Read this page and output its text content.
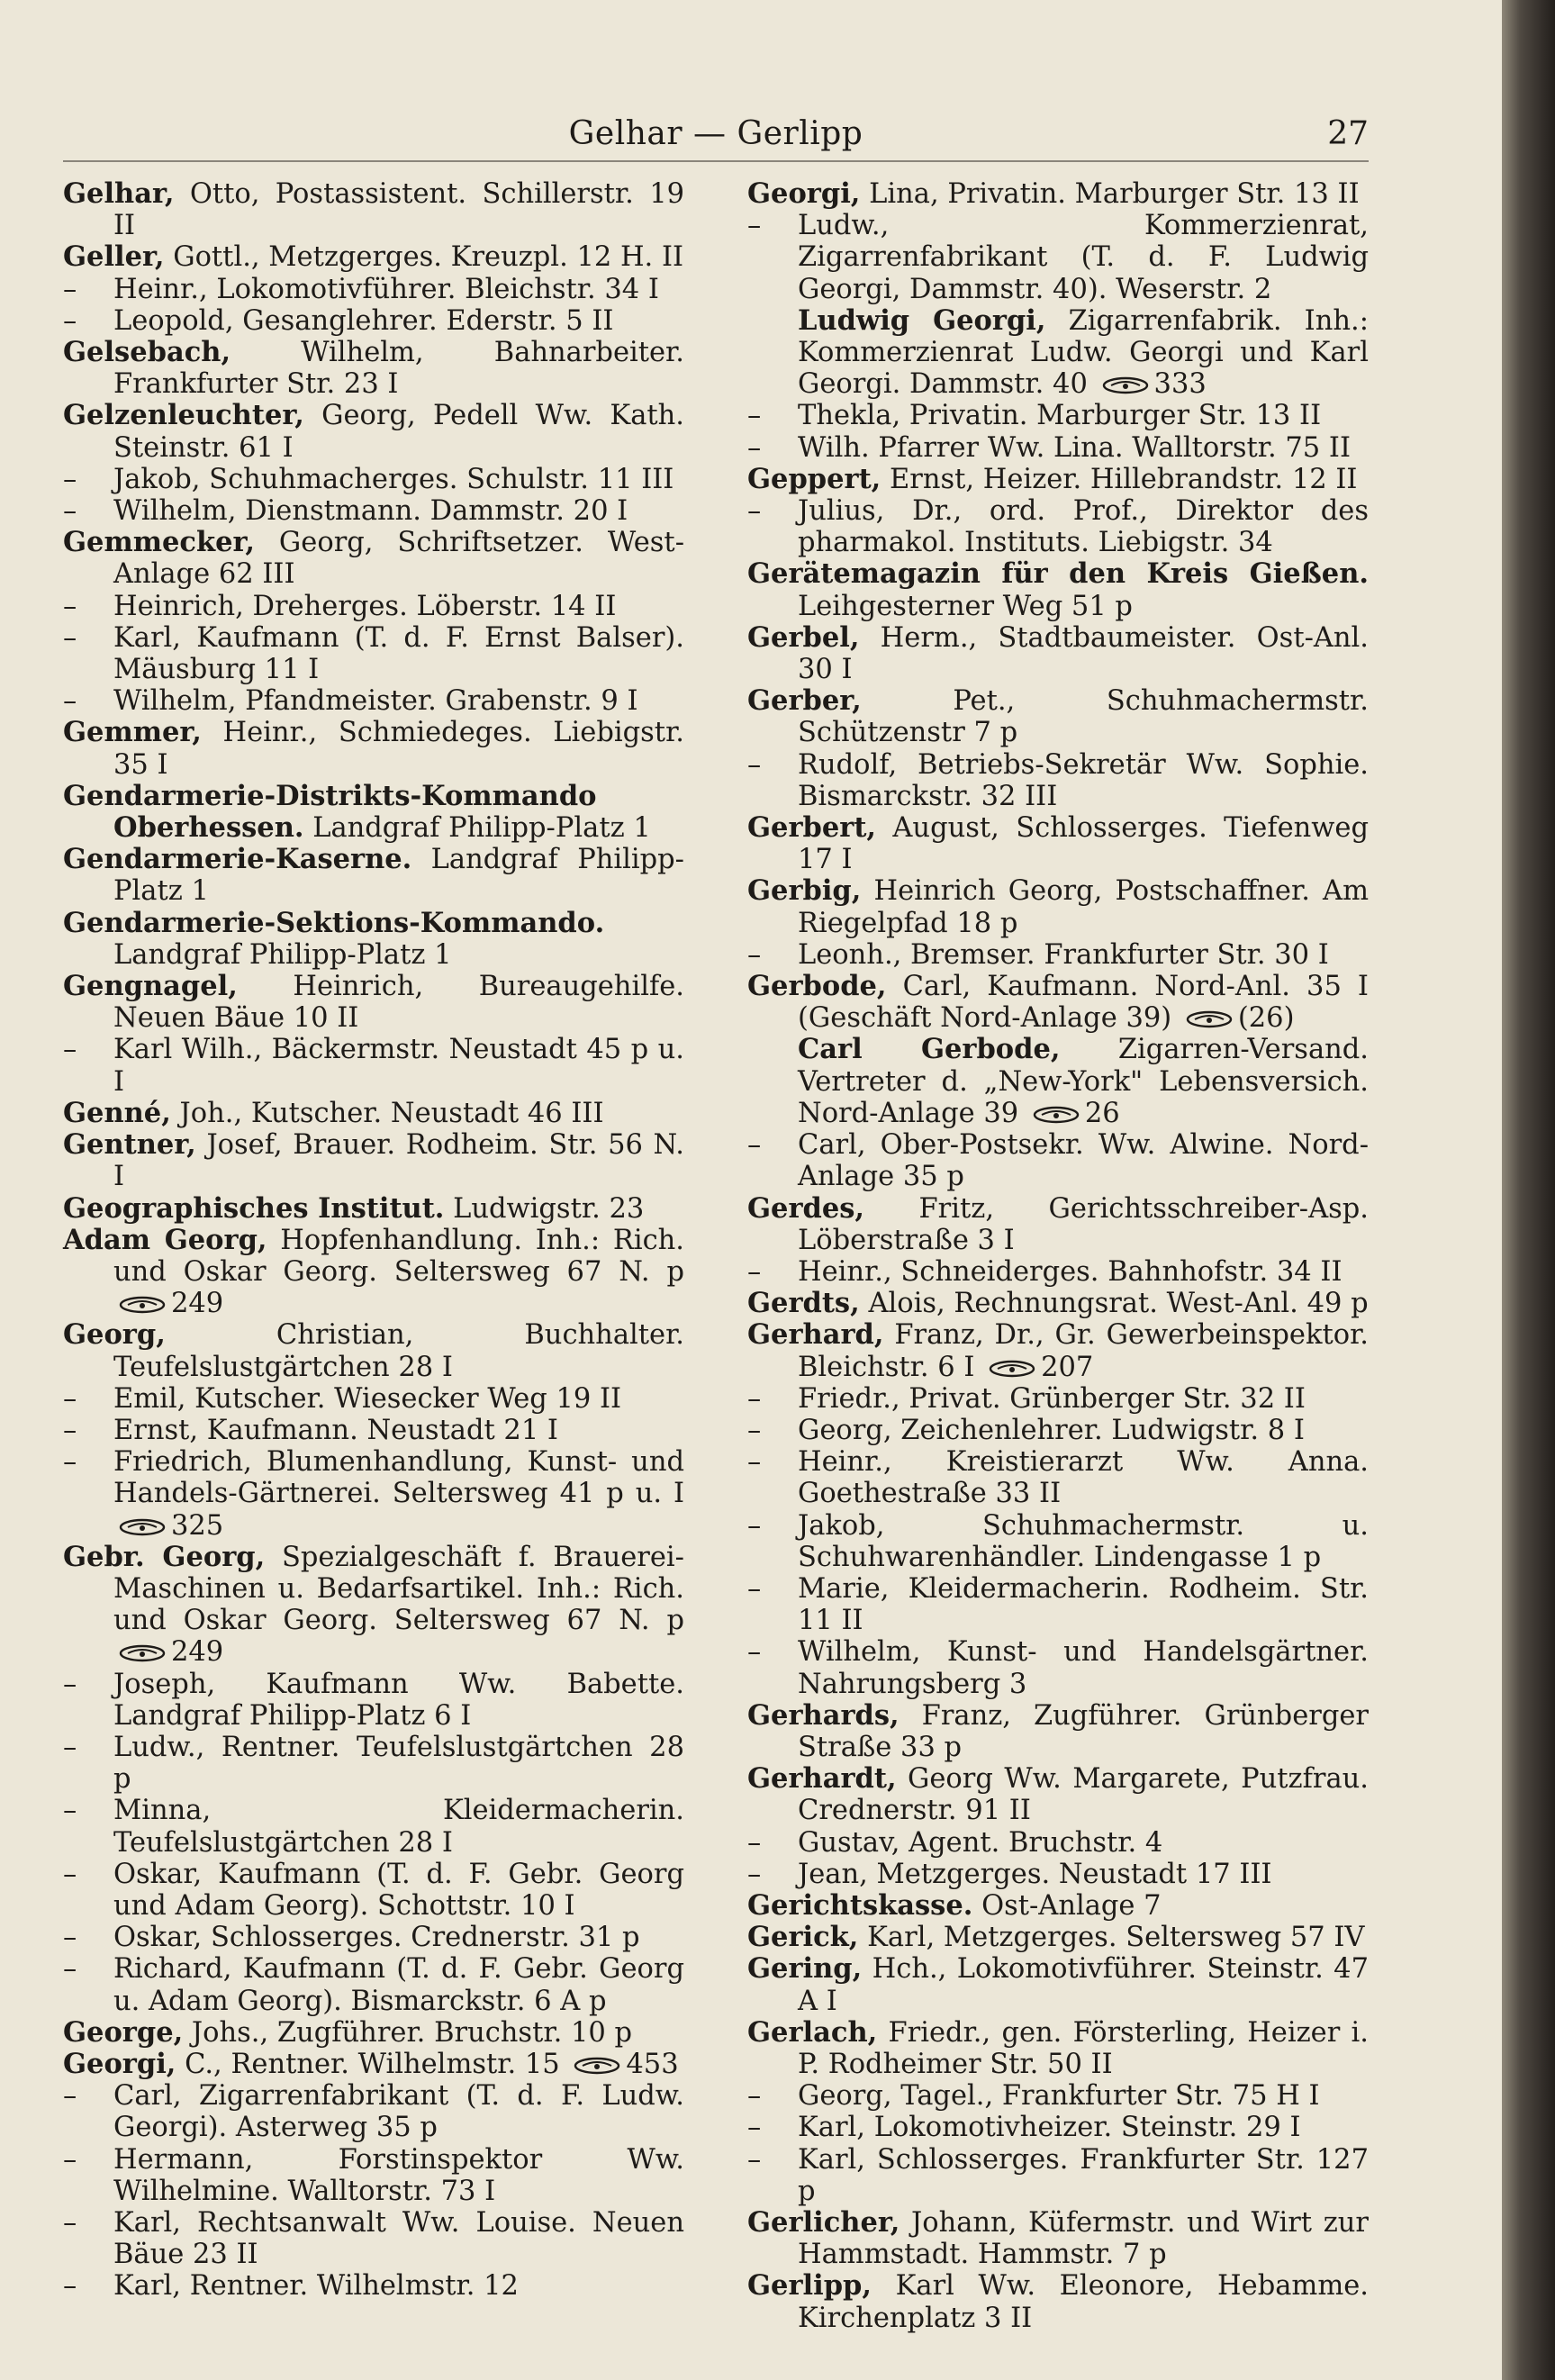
Gelhar — Gerlipp	27
Gelhar, Otto, Postassistent. Schillerstr. 19 II
Geller, Gottl., Metzgerges. Kreuzpl. 12 H. II
– Heinr., Lokomotivführer. Bleichstr. 34 I
– Leopold, Gesanglehrer. Ederstr. 5 II
Gelsebach,	Wilhelm, Bahnarbeiter. Frankfurter Str. 23 I
Gelzenleuchter, Georg, Pedell Ww. Kath. Steinstr. 61 I
– Jakob, Schuhmacherges. Schulstr. 11 III
– Wilhelm, Dienstmann. Dammstr. 20 I
Gemmecker, Georg, Schriftsetzer. West-Anlage 62 III
– Heinrich, Dreherges. Löberstr. 14 II
– Karl, Kaufmann (T. d. F. Ernst Balser). Mäusburg 11 I
– Wilhelm, Pfandmeister. Grabenstr. 9 I
Gemmer, Heinr., Schmiedeges. Liebigstr. 35 I
Gendarmerie-Distrikts-Kommando Oberhessen. Landgraf Philipp-Platz 1
Gendarmerie-Kaserne. Landgraf Philipp-Platz 1
Gendarmerie-Sektions-Kommando. Landgraf Philipp-Platz 1
Gengnagel, Heinrich, Bureaugehilfe. Neuen Bäue 10 II
– Karl Wilh., Bäckermstr. Neustadt 45 p u. I
Genné, Joh., Kutscher. Neustadt 46 III
Gentner, Josef, Brauer. Rodheim. Str. 56 N. I
Geographisches Institut. Ludwigstr. 23
Adam Georg, Hopfenhandlung. Inh.: Rich. und Oskar Georg. Seltersweg 67 N. p
249
Georg,	Christian, Buchhalter. Teufelslustgärtchen 28 I
– Emil, Kutscher. Wiesecker Weg 19 II
– Ernst, Kaufmann. Neustadt 21 I
– Friedrich, Blumenhandlung, Kunst- und Handels-Gärtnerei. Seltersweg 41 p u. I
325
Gebr. Georg, Spezialgeschäft f. Brauerei-Maschinen u. Bedarfsartikel. Inh.: Rich. und Oskar Georg. Seltersweg 67 N. p
249
– Joseph, Kaufmann Ww. Babette. Landgraf Philipp-Platz 6 I
– Ludw., Rentner. Teufelslustgärtchen 28 p
– Minna, Kleidermacherin. Teufelslustgärtchen 28 I
– Oskar, Kaufmann (T. d. F. Gebr. Georg und Adam Georg). Schottstr. 10 I
– Oskar, Schlosserges. Crednerstr. 31 p
– Richard, Kaufmann (T. d. F. Gebr. Georg u. Adam Georg). Bismarckstr. 6 A p
George, Johs., Zugführer. Bruchstr. 10 p
Georgi, C., Rentner. Wilhelmstr. 15 453
– Carl, Zigarrenfabrikant (T. d. F. Ludw. Georgi). Asterweg 35 p
– Hermann, Forstinspektor Ww. Wilhelmine. Walltorstr. 73 I
– Karl, Rechtsanwalt Ww. Louise. Neuen Bäue 23 II
– Karl, Rentner. Wilhelmstr. 12
Georgi, Lina, Privatin. Marburger Str. 13 II
– Ludw., Kommerzienrat, Zigarrenfabrikant (T. d. F. Ludwig Georgi, Dammstr. 40). Weserstr. 2
Ludwig Georgi, Zigarrenfabrik. Inh.: Kommerzienrat Ludw. Georgi und Karl Georgi. Dammstr. 40 333
– Thekla, Privatin. Marburger Str. 13 II
– Wilh. Pfarrer Ww. Lina. Walltorstr. 75 II
Geppert, Ernst, Heizer. Hillebrandstr. 12 II
– Julius, Dr., ord. Prof., Direktor des pharmakol. Instituts. Liebigstr. 34
Gerätemagazin für den Kreis Gießen. Leihgesterner Weg 51 p
Gerbel, Herm., Stadtbaumeister. Ost-Anl. 30 I
Gerber,	Pet., Schuhmachermstr. Schützenstr 7 p
– Rudolf, Betriebs-Sekretär Ww. Sophie. Bismarckstr. 32 III
Gerbert, August, Schlosserges. Tiefenweg 17 I
Gerbig, Heinrich Georg, Postschaffner. Am Riegelpfad 18 p
– Leonh., Bremser. Frankfurter Str. 30 I
Gerbode, Carl, Kaufmann. Nord-Anl. 35 I (Geschäft Nord-Anlage 39) (26)
Carl Gerbode, Zigarren-Versand. Vertreter d. „New-York" Lebensversich. Nord-Anlage 39 26
– Carl, Ober-Postsekr. Ww. Alwine. Nord-Anlage 35 p
Gerdes, Fritz, Gerichtsschreiber-Asp. Löberstraße 3 I
– Heinr., Schneiderges. Bahnhofstr. 34 II
Gerdts, Alois, Rechnungsrat. West-Anl. 49 p
Gerhard, Franz, Dr., Gr. Gewerbeinspektor. Bleichstr. 6 I 207
– Friedr., Privat. Grünberger Str. 32 II
– Georg, Zeichenlehrer. Ludwigstr. 8 I
– Heinr., Kreistierarzt Ww. Anna. Goethestraße 33 II
– Jakob, Schuhmachermstr. u. Schuhwarenhändler. Lindengasse 1 p
– Marie, Kleidermacherin. Rodheim. Str. 11 II
– Wilhelm, Kunst- und Handelsgärtner. Nahrungsberg 3
Gerhards, Franz, Zugführer. Grünberger Straße 33 p
Gerhardt, Georg Ww. Margarete, Putzfrau. Crednerstr. 91 II
– Gustav, Agent. Bruchstr. 4
– Jean, Metzgerges. Neustadt 17 III
Gerichtskasse. Ost-Anlage 7
Gerick, Karl, Metzgerges. Seltersweg 57 IV
Gering, Hch., Lokomotivführer. Steinstr. 47 A I
Gerlach, Friedr., gen. Försterling, Heizer i. P. Rodheimer Str. 50 II
– Georg, Tagel., Frankfurter Str. 75 H I
– Karl, Lokomotivheizer. Steinstr. 29 I
– Karl, Schlosserges. Frankfurter Str. 127 p
Gerlicher, Johann, Küfermstr. und Wirt zur Hammstadt. Hammstr. 7 p
Gerlipp, Karl Ww. Eleonore, Hebamme. Kirchenplatz 3 II
